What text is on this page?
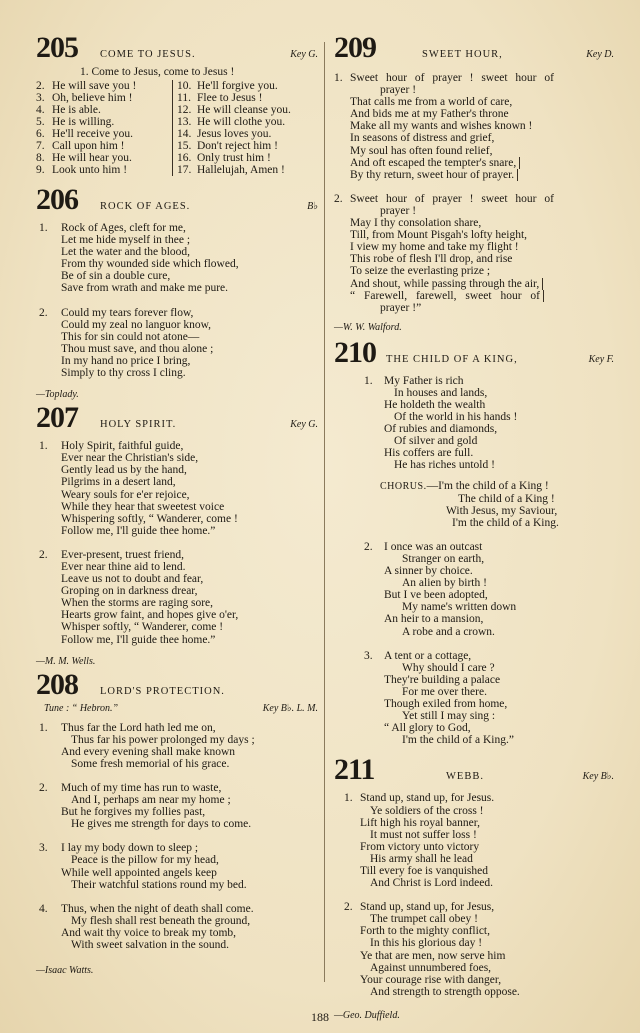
205	COME TO JESUS.	Key G.
1. Come to Jesus, come to Jesus !
2. He will save you !
3. Oh, believe him !
4. He is able.
5. He is willing.
6. He'll receive you.
7. Call upon him !
8. He will hear you.
9. Look unto him !
10. He'll forgive you.
11. Flee to Jesus !
12. He will cleanse you.
13. He will clothe you.
14. Jesus loves you.
15. Don't reject him !
16. Only trust him !
17. Hallelujah, Amen !
206	ROCK OF AGES.	B♭
1.	Rock of Ages, cleft for me,
Let me hide myself in thee ;
Let the water and the blood,
From thy wounded side which flowed,
Be of sin a double cure,
Save from wrath and make me pure.
2.	Could my tears forever flow,
Could my zeal no languor know,
This for sin could not atone—
Thou must save, and thou alone ;
In my hand no price I bring,
Simply to thy cross I cling.
—Toplady.
207	HOLY SPIRIT.	Key G.
1.	Holy Spirit, faithful guide,
Ever near the Christian's side,
Gently lead us by the hand,
Pilgrims in a desert land,
Weary souls for e'er rejoice,
While they hear that sweetest voice
Whispering softly, “ Wanderer, come !
Follow me, I'll guide thee home.”
2.	Ever-present, truest friend,
Ever near thine aid to lend.
Leave us not to doubt and fear,
Groping on in darkness drear,
When the storms are raging sore,
Hearts grow faint, and hopes give o'er,
Whisper softly, “ Wanderer, come !
Follow me, I'll guide thee home.”
—M. M. Wells.
208	LORD'S PROTECTION.
Tune : “ Hebron.”	Key B♭. L. M.
1.	Thus far the Lord hath led me on,
Thus far his power prolonged my days ;
And every evening shall make known
Some fresh memorial of his grace.
2.	Much of my time has run to waste,
And I, perhaps am near my home ;
But he forgives my follies past,
He gives me strength for days to come.
3.	I lay my body down to sleep ;
Peace is the pillow for my head,
While well appointed angels keep
Their watchful stations round my bed.
4.	Thus, when the night of death shall come.
My flesh shall rest beneath the ground,
And wait thy voice to break my tomb,
With sweet salvation in the sound.
—Isaac Watts.
209	SWEET HOUR,	Key D.
1. Sweet hour of prayer ! sweet hour of
prayer !
That calls me from a world of care,
And bids me at my Father's throne
Make all my wants and wishes known !
In seasons of distress and grief,
My soul has often found relief,
And oft escaped the tempter's snare,
By thy return, sweet hour of prayer.
2. Sweet hour of prayer ! sweet hour of
prayer !
May I thy consolation share,
Till, from Mount Pisgah's lofty height,
I view my home and take my flight !
This robe of flesh I'll drop, and rise
To seize the everlasting prize ;
And shout, while passing through the air,
“ Farewell, farewell, sweet hour of
prayer !”
—W. W. Walford.
210 THE CHILD OF A KING,	Key F.
1. My Father is rich
In houses and lands,
He holdeth the wealth
Of the world in his hands !
Of rubies and diamonds,
Of silver and gold
His coffers are full.
He has riches untold !
CHORUS.—I'm the child of a King !
The child of a King !
With Jesus, my Saviour,
I'm the child of a King.
2. I once was an outcast
Stranger on earth,
A sinner by choice.
An alien by birth !
But I ve been adopted,
My name's written down
An heir to a mansion,
A robe and a crown.
3. A tent or a cottage,
Why should I care ?
They're building a palace
For me over there.
Though exiled from home,
Yet still I may sing :
“ All glory to God,
I'm the child of a King.”
211	WEBB.	Key B♭.
1. Stand up, stand up, for Jesus.
Ye soldiers of the cross !
Lift high his royal banner,
It must not suffer loss !
From victory unto victory
His army shall he lead
Till every foe is vanquished
And Christ is Lord indeed.
2. Stand up, stand up, for Jesus,
The trumpet call obey !
Forth to the mighty conflict,
In this his glorious day !
Ye that are men, now serve him
Against unnumbered foes,
Your courage rise with danger,
And strength to strength oppose.
—Geo. Duffield.
188
